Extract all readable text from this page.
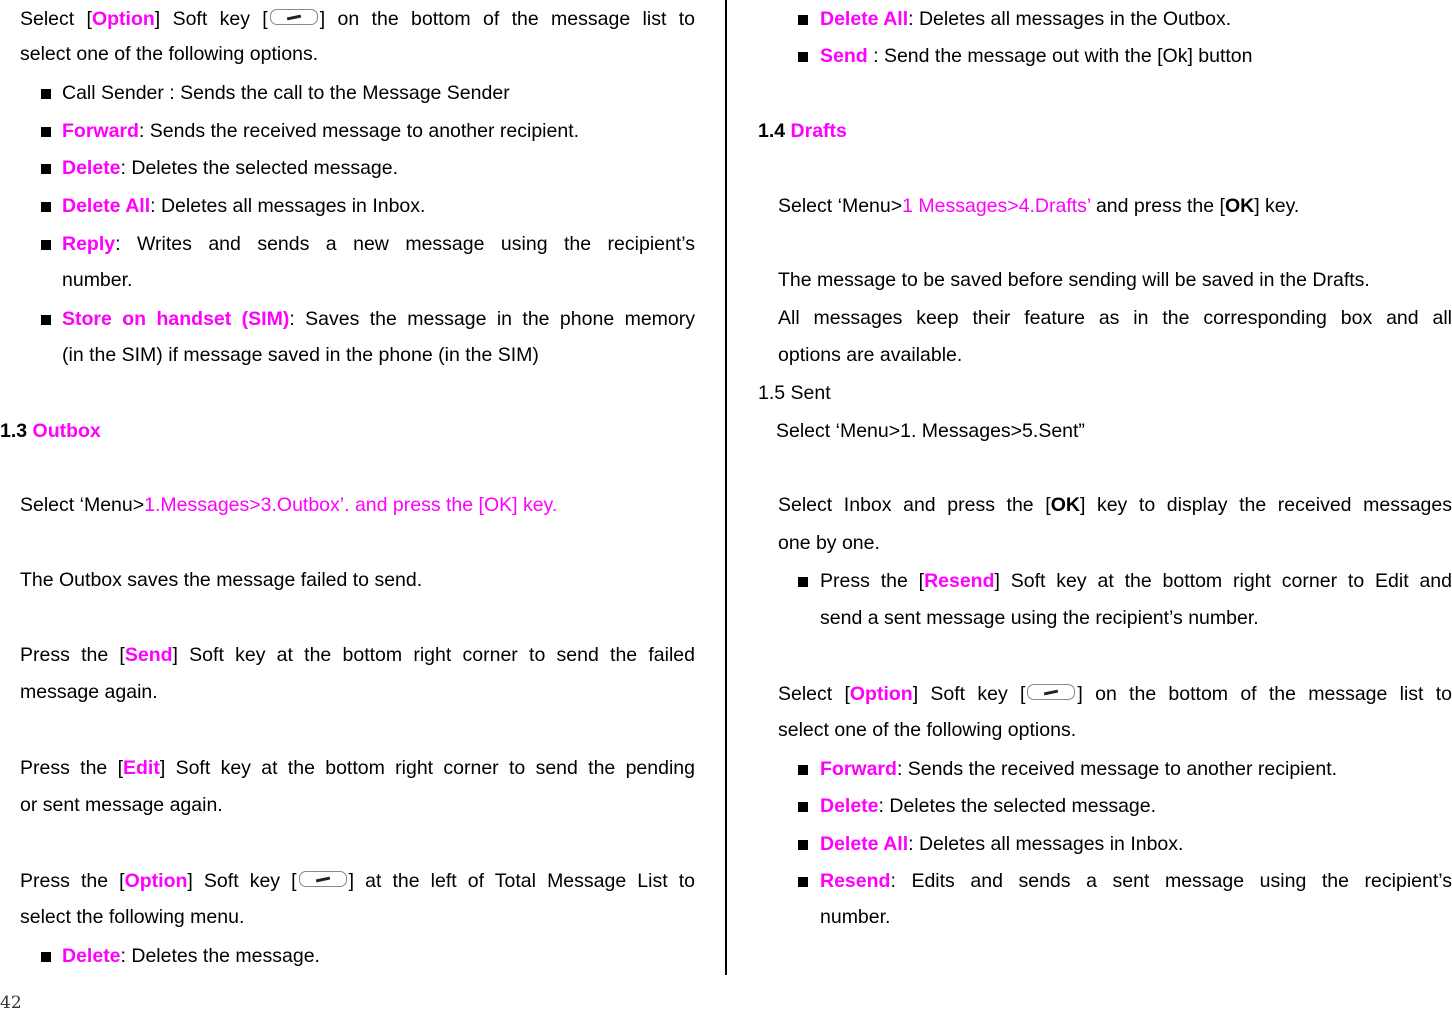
Select [Option] Soft key [	] on the bottom of the message list to
select one of the following options.
Call Sender : Sends the call to the Message Sender
Forward: Sends the received message to another recipient.
Delete: Deletes the selected message.
Delete All: Deletes all messages in Inbox.
Reply: Writes and sends a new message using the recipient’s
number.
Store on handset (SIM): Saves the message in the phone memory
(in the SIM) if message saved in the phone (in the SIM)
1.3 Outbox
Select ‘Menu>1.Messages>3.Outbox’. and press the [OK] key.
The Outbox saves the message failed to send.
Press the [Send] Soft key at the bottom right corner to send the failed
message again.
Press the [Edit] Soft key at the bottom right corner to send the pending
or sent message again.
Press the [Option] Soft key [	] at the left of Total Message List to
select the following menu.
Delete: Deletes the message.
Delete All: Deletes all messages in the Outbox.
Send : Send the message out with the [Ok] button
1.4 Drafts
Select ‘Menu>1 Messages>4.Drafts’ and press the [OK] key.
The message to be saved before sending will be saved in the Drafts.
All messages keep their feature as in the corresponding box and all
options are available.
1.5 Sent
Select ‘Menu>1. Messages>5.Sent”
Select Inbox and press the [OK] key to display the received messages
one by one.
Press the [Resend] Soft key at the bottom right corner to Edit and
send a sent message using the recipient’s number.
Select [Option] Soft key [	] on the bottom of the message list to
select one of the following options.
Forward: Sends the received message to another recipient.
Delete: Deletes the selected message.
Delete All: Deletes all messages in Inbox.
Resend: Edits and sends a sent message using the recipient’s
number.
42
